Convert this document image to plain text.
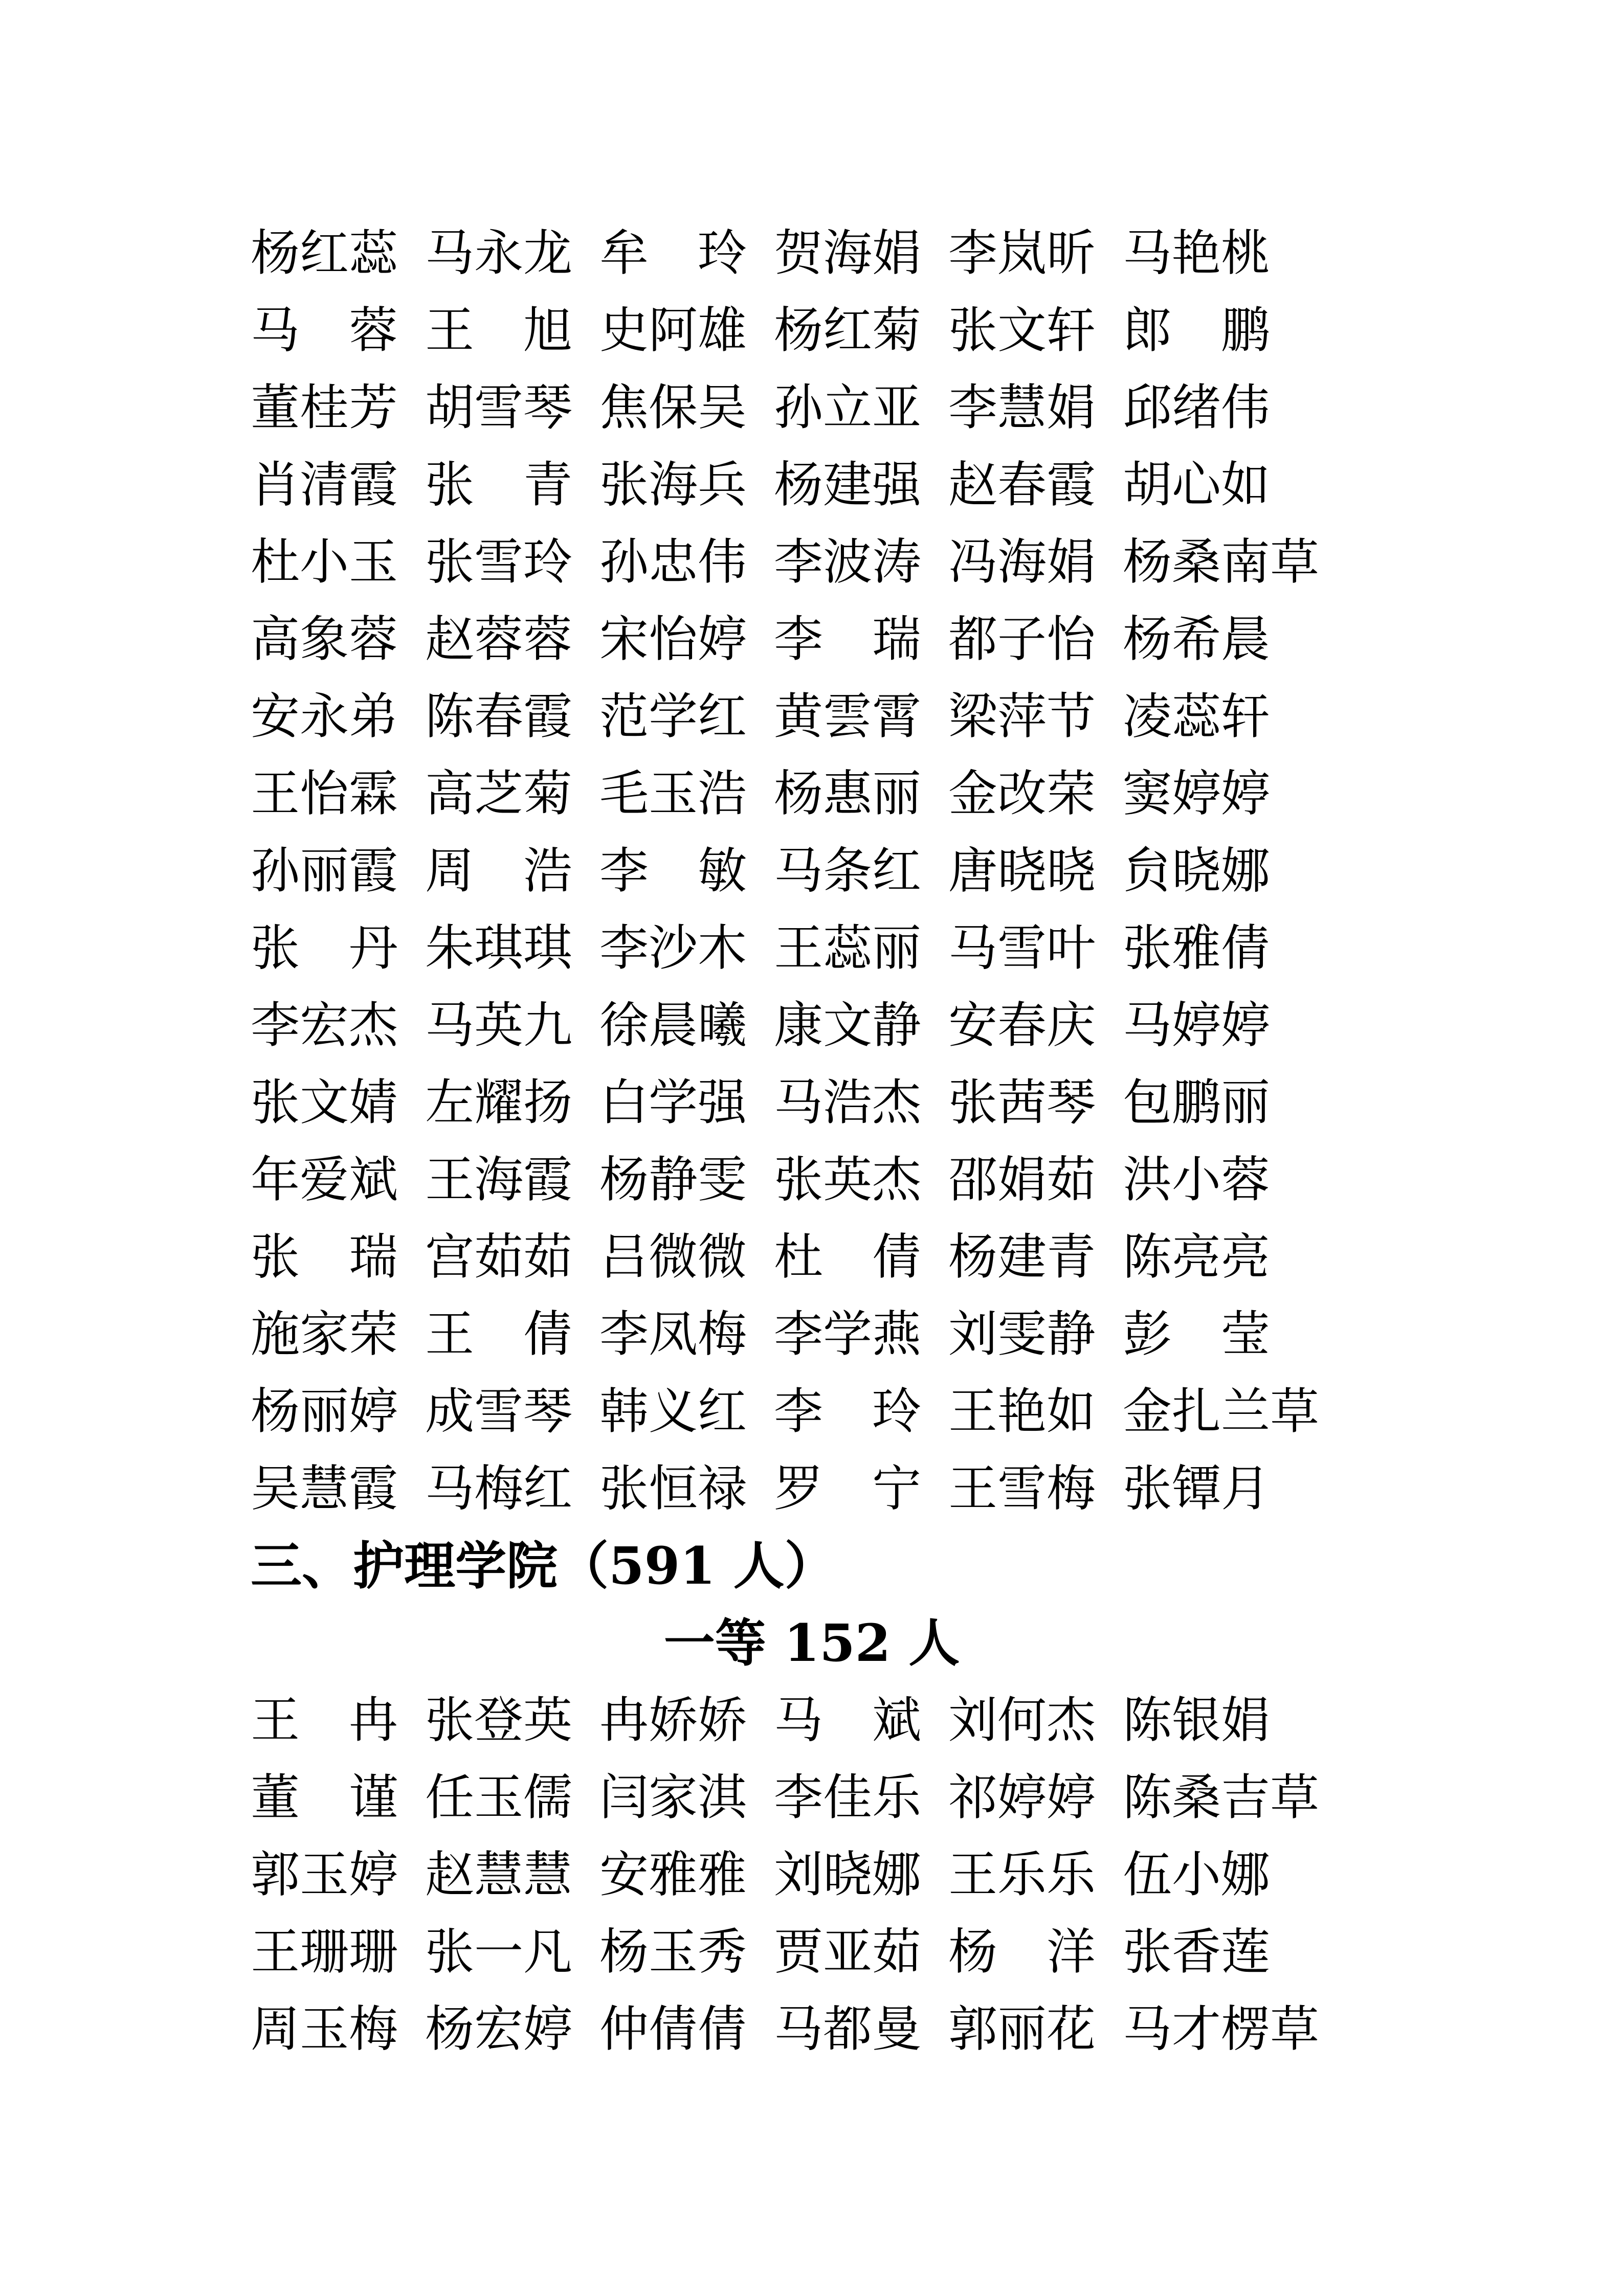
杨红蕊 马永龙 牟　玲 贺海娟 李岚昕 马艳桃
马　蓉 王　旭 史阿雄 杨红菊 张文轩 郎　鹏
董桂芳 胡雪琴 焦保吴 孙立亚 李慧娟 邱绪伟
肖清霞 张　青 张海兵 杨建强 赵春霞 胡心如
杜小玉 张雪玲 孙忠伟 李波涛 冯海娟 杨桑南草
高象蓉 赵蓉蓉 宋怡婷 李　瑞 都子怡 杨希晨
安永弟 陈春霞 范学红 黄雲霄 梁萍节 凌蕊轩
王怡霖 高芝菊 毛玉浩 杨惠丽 金改荣 窦婷婷
孙丽霞 周　浩 李　敏 马条红 唐晓晓 贠晓娜
张　丹 朱琪琪 李沙木 王蕊丽 马雪叶 张雅倩
李宏杰 马英九 徐晨曦 康文静 安春庆 马婷婷
张文婧 左耀扬 白学强 马浩杰 张茜琴 包鹏丽
年爱斌 王海霞 杨静雯 张英杰 邵娟茹 洪小蓉
张　瑞 宫茹茹 吕微微 杜　倩 杨建青 陈亮亮
施家荣 王　倩 李凤梅 李学燕 刘雯静 彭　莹
杨丽婷 成雪琴 韩义红 李　玲 王艳如 金扎兰草
吴慧霞 马梅红 张恒禄 罗　宁 王雪梅 张镡月
三、护理学院（591 人）
一等 152 人
王　冉 张登英 冉娇娇 马　斌 刘何杰 陈银娟
董　谨 任玉儒 闫家淇 李佳乐 祁婷婷 陈桑吉草
郭玉婷 赵慧慧 安雅雅 刘晓娜 王乐乐 伍小娜
王珊珊 张一凡 杨玉秀 贾亚茹 杨　洋 张香莲
周玉梅 杨宏婷 仲倩倩 马都曼 郭丽花 马才楞草
